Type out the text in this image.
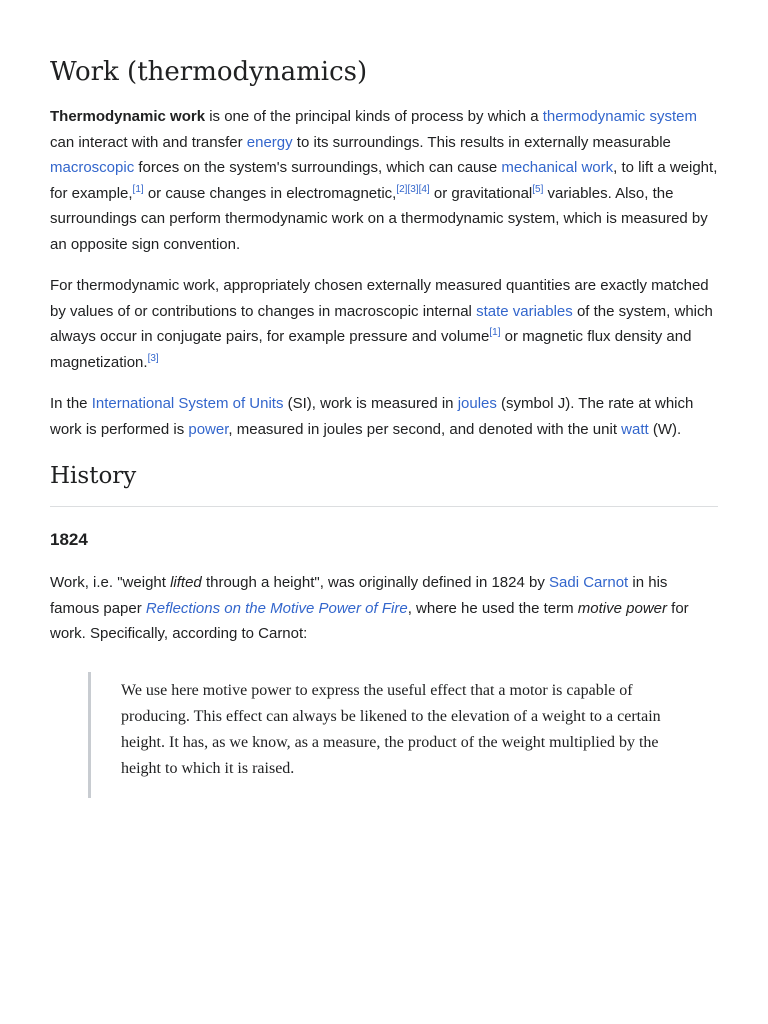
Work (thermodynamics)

Thermodynamic work is one of the principal kinds of process by which a thermodynamic system can interact with and transfer energy to its surroundings. This results in externally measurable macroscopic forces on the system's surroundings, which can cause mechanical work, to lift a weight, for example,[1] or cause changes in electromagnetic,[2][3][4] or gravitational[5] variables. Also, the surroundings can perform thermodynamic work on a thermodynamic system, which is measured by an opposite sign convention.

For thermodynamic work, appropriately chosen externally measured quantities are exactly matched by values of or contributions to changes in macroscopic internal state variables of the system, which always occur in conjugate pairs, for example pressure and volume[1] or magnetic flux density and magnetization.[3]

In the International System of Units (SI), work is measured in joules (symbol J). The rate at which work is performed is power, measured in joules per second, and denoted with the unit watt (W).

History
1824

Work, i.e. "weight lifted through a height", was originally defined in 1824 by Sadi Carnot in his famous paper Reflections on the Motive Power of Fire, where he used the term motive power for work. Specifically, according to Carnot:

We use here motive power to express the useful effect that a motor is capable of producing. This effect can always be likened to the elevation of a weight to a certain height. It has, as we know, as a measure, the product of the weight multiplied by the height to which it is raised.
